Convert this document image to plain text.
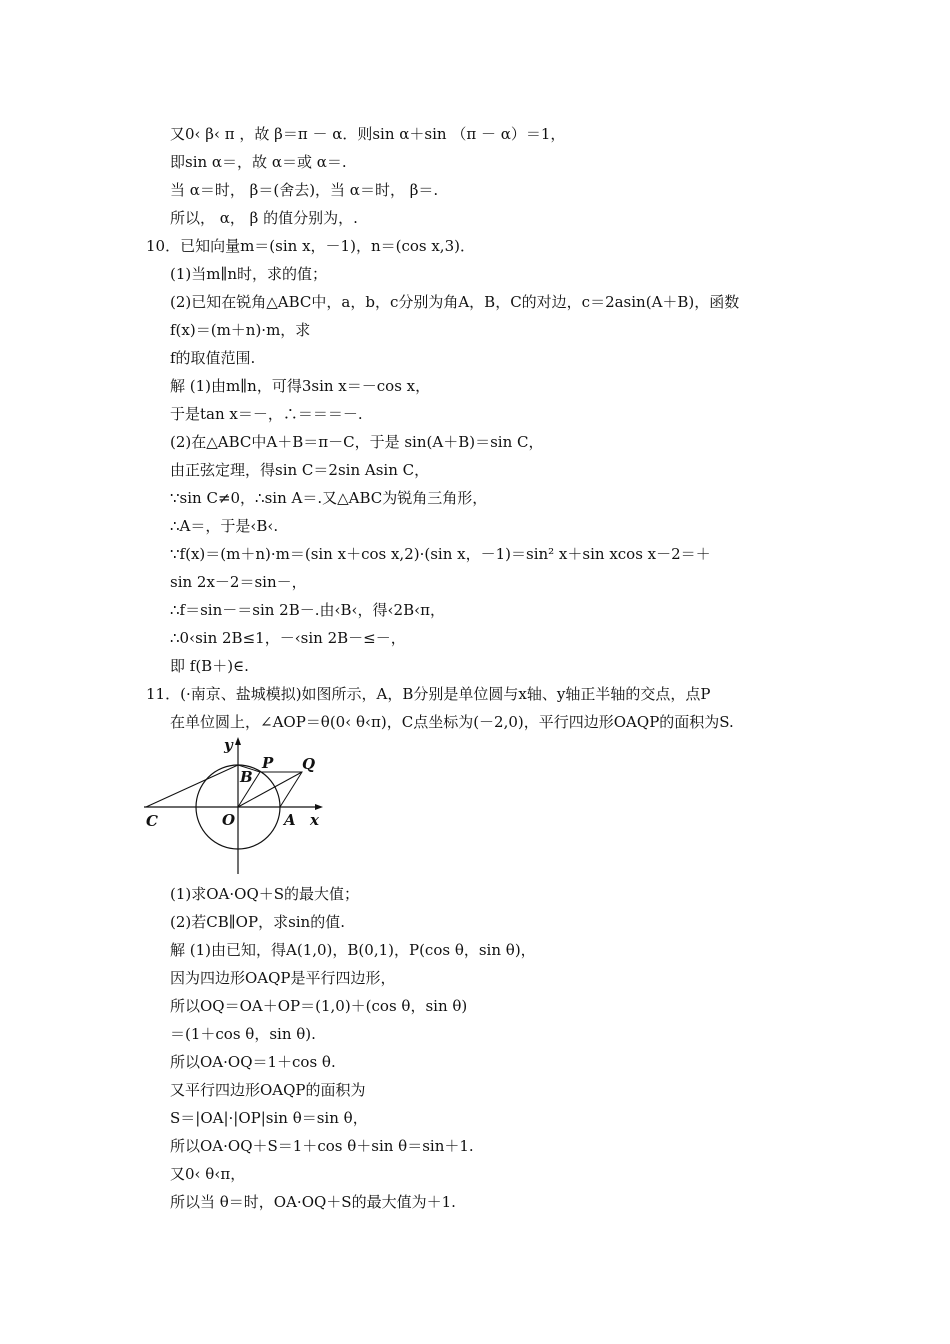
又0‹ β‹ π ，故 β＝π － α．则sin α＋sin （π － α）＝1，
即sin α＝，故 α＝或 α＝.
当 α＝时， β＝(舍去)，当 α＝时， β＝.
所以， α， β 的值分别为，.
10．已知向量m＝(sin x，－1)，n＝(cos x,3)．
(1)当m∥n时，求的值；
(2)已知在锐角△ABC中，a，b，c分别为角A，B，C的对边，c＝2asin(A＋B)，函数
f(x)＝(m＋n)·m，求
f的取值范围.
解 (1)由m∥n，可得3sin x＝－cos x，
于是tan x＝－，∴＝＝＝－.
(2)在△ABC中A＋B＝π－C，于是 sin(A＋B)＝sin C，
由正弦定理，得sin C＝2sin Asin C，
∵sin C≠0，∴sin A＝.又△ABC为锐角三角形，
∴A＝，于是‹B‹.
∵f(x)＝(m＋n)·m＝(sin x＋cos x,2)·(sin x，－1)＝sin² x＋sin xcos x－2＝＋
sin 2x－2＝sin－，
∴f＝sin－＝sin 2B－.由‹B‹，得‹2B‹π，
∴0‹sin 2B≤1，－‹sin 2B－≤－，
即 f(B＋)∈.
11．(·南京、盐城模拟)如图所示，A，B分别是单位圆与x轴、y轴正半轴的交点，点P
在单位圆上，∠AOP＝θ(0‹ θ‹π)，C点坐标为(－2,0)，平行四边形OAQP的面积为S.
y
B
P Q
C	O	A x
(1)求OA·OQ＋S的最大值；
(2)若CB∥OP，求sin的值.
解 (1)由已知，得A(1,0)，B(0,1)，P(cos θ，sin θ)，
因为四边形OAQP是平行四边形，
所以OQ＝OA＋OP＝(1,0)＋(cos θ，sin θ)
＝(1＋cos θ，sin θ).
所以OA·OQ＝1＋cos θ.
又平行四边形OAQP的面积为
S＝|OA|·|OP|sin θ＝sin θ，
所以OA·OQ＋S＝1＋cos θ＋sin θ＝sin＋1.
又0‹ θ‹π，
所以当 θ＝时，OA·OQ＋S的最大值为＋1.
